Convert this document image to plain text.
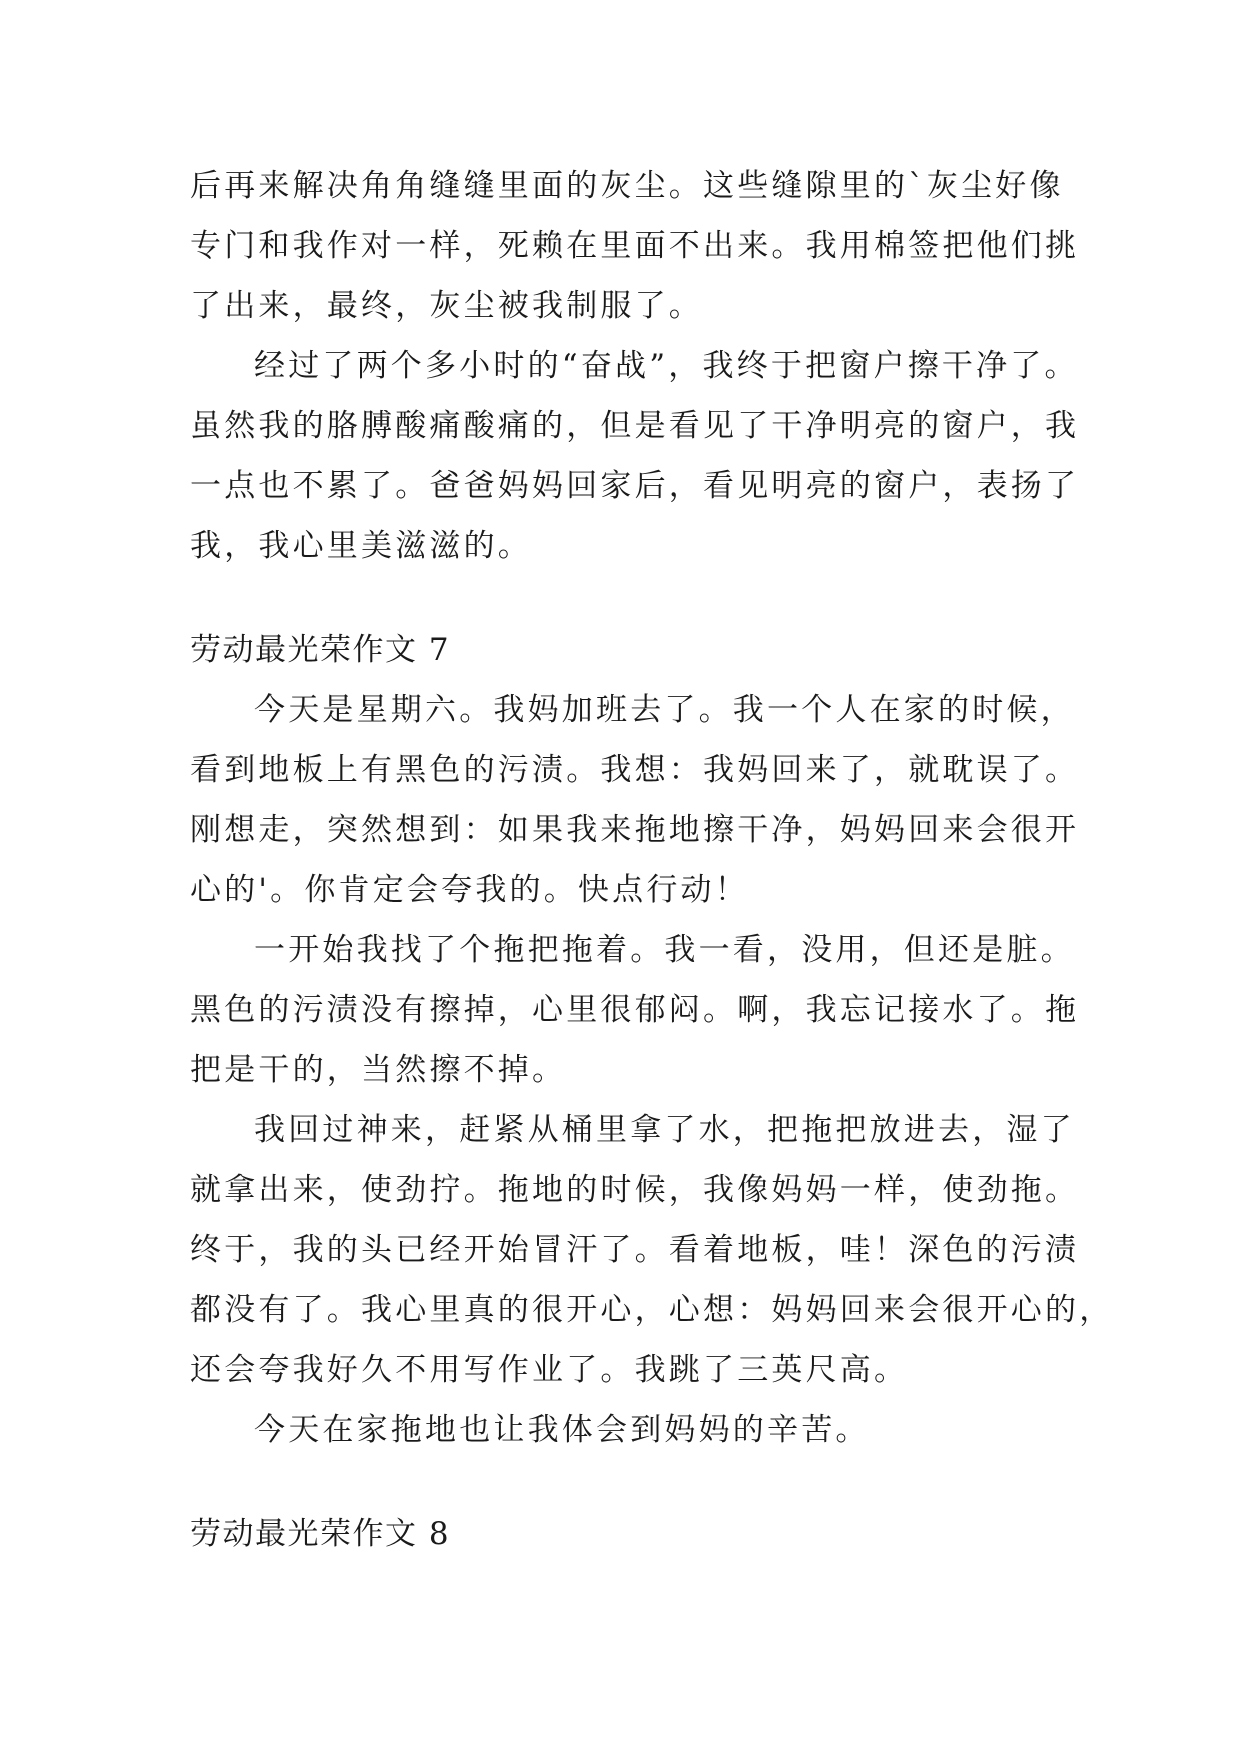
后再来解决角角缝缝里面的灰尘。这些缝隙里的`灰尘好像
专门和我作对一样，死赖在里面不出来。我用棉签把他们挑
了出来，最终，灰尘被我制服了。
经过了两个多小时的“奋战”，我终于把窗户擦干净了。
虽然我的胳膊酸痛酸痛的，但是看见了干净明亮的窗户，我
一点也不累了。爸爸妈妈回家后，看见明亮的窗户，表扬了
我，我心里美滋滋的。
劳动最光荣作文 7
今天是星期六。我妈加班去了。我一个人在家的时候，
看到地板上有黑色的污渍。我想：我妈回来了，就耽误了。
刚想走，突然想到：如果我来拖地擦干净，妈妈回来会很开
心的'。你肯定会夸我的。快点行动！
一开始我找了个拖把拖着。我一看，没用，但还是脏。
黑色的污渍没有擦掉，心里很郁闷。啊，我忘记接水了。拖
把是干的，当然擦不掉。
我回过神来，赶紧从桶里拿了水，把拖把放进去，湿了
就拿出来，使劲拧。拖地的时候，我像妈妈一样，使劲拖。
终于，我的头已经开始冒汗了。看着地板，哇！深色的污渍
都没有了。我心里真的很开心，心想：妈妈回来会很开心的，
还会夸我好久不用写作业了。我跳了三英尺高。
今天在家拖地也让我体会到妈妈的辛苦。
劳动最光荣作文 8
